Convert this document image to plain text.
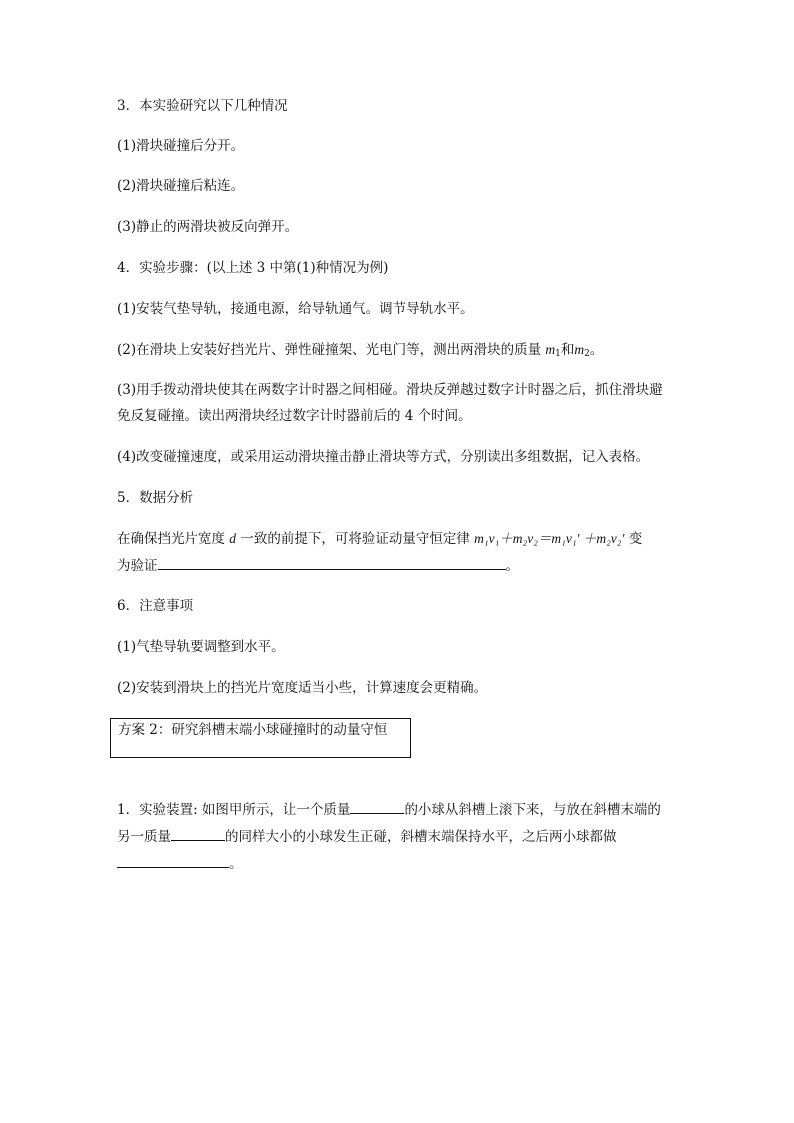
3．本实验研究以下几种情况
(1)滑块碰撞后分开。
(2)滑块碰撞后粘连。
(3)静止的两滑块被反向弹开。
4．实验步骤：(以上述 3 中第(1)种情况为例)
(1)安装气垫导轨，接通电源，给导轨通气。调节导轨水平。
(2)在滑块上安装好挡光片、弹性碰撞架、光电门等，测出两滑块的质量 $m_1$和$m_2$。
(3)用手拨动滑块使其在两数字计时器之间相碰。滑块反弹越过数字计时器之后，抓住滑块避
免反复碰撞。读出两滑块经过数字计时器前后的 4 个时间。
(4)改变碰撞速度，或采用运动滑块撞击静止滑块等方式，分别读出多组数据，记入表格。
5．数据分析
在确保挡光片宽度 d 一致的前提下，可将验证动量守恒定律 m₁v₁＋m₂v₂＝m₁v₁′ ＋m₂v₂′ 变
为验证	。
6．注意事项
(1)气垫导轨要调整到水平。
(2)安装到滑块上的挡光片宽度适当小些，计算速度会更精确。
方案 2：研究斜槽末端小球碰撞时的动量守恒
1．实验装置: 如图甲所示，让一个质量	的小球从斜槽上滚下来，与放在斜槽末端的
另一质量	的同样大小的小球发生正碰，斜槽末端保持水平，之后两小球都做
。
